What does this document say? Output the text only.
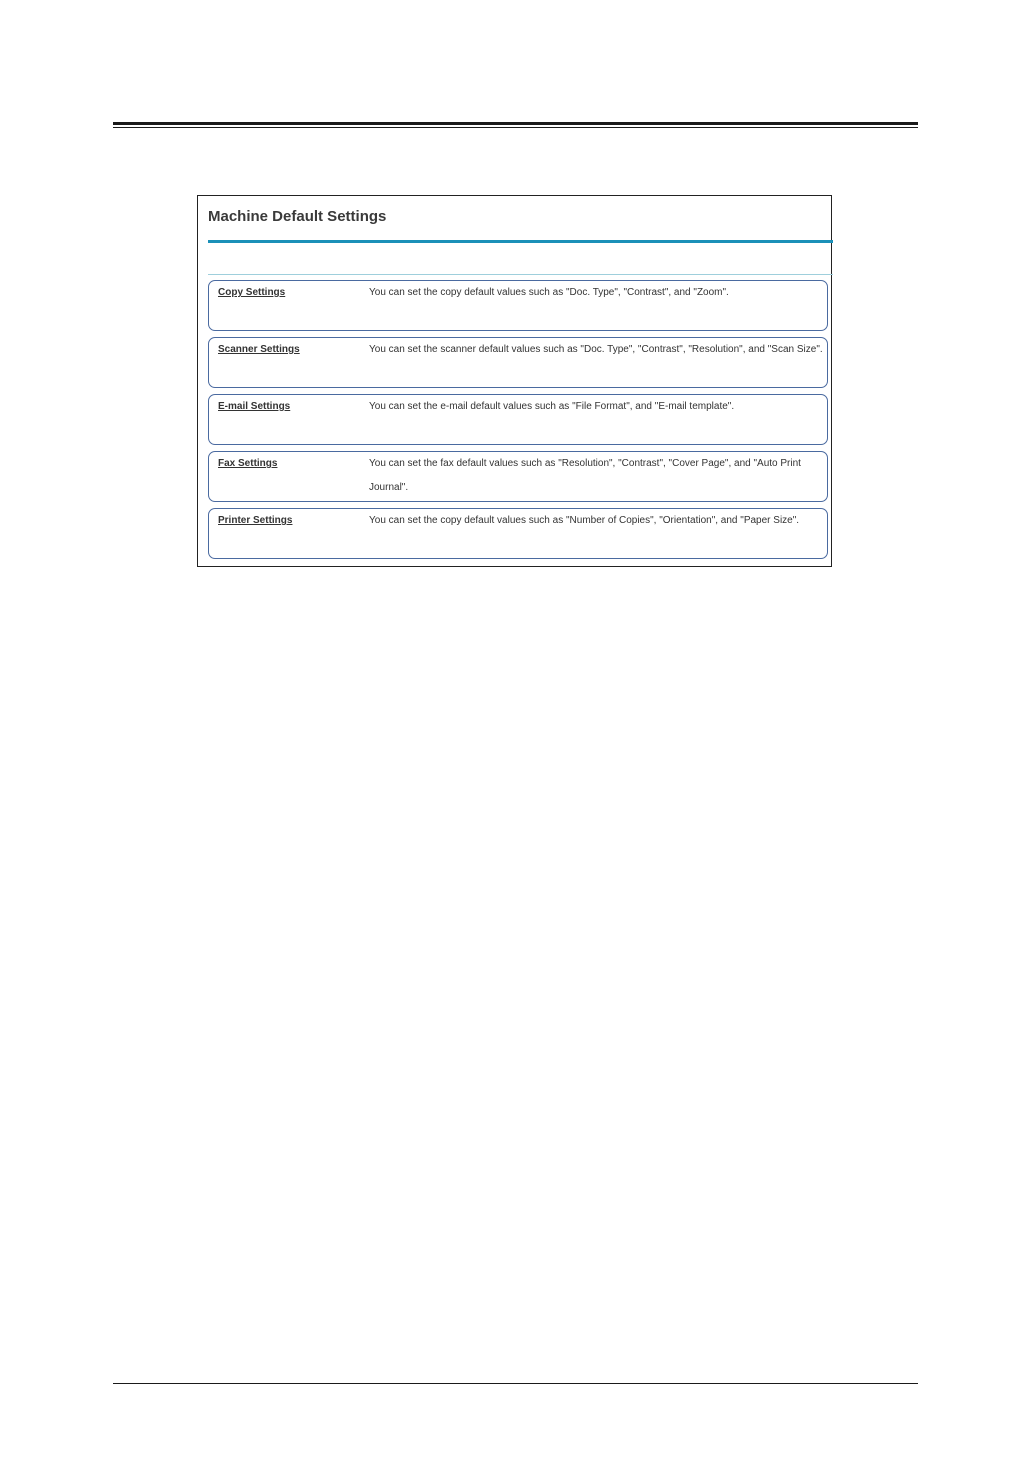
Machine Default Settings
Copy Settings	You can set the copy default values such as "Doc. Type", "Contrast", and "Zoom".
Scanner Settings	You can set the scanner default values such as "Doc. Type", "Contrast", "Resolution", and "Scan Size".
E-mail Settings	You can set the e-mail default values such as "File Format", and "E-mail template".
Fax Settings	You can set the fax default values such as "Resolution", "Contrast", "Cover Page", and "Auto Print Journal".
Printer Settings	You can set the copy default values such as "Number of Copies", "Orientation", and "Paper Size".
